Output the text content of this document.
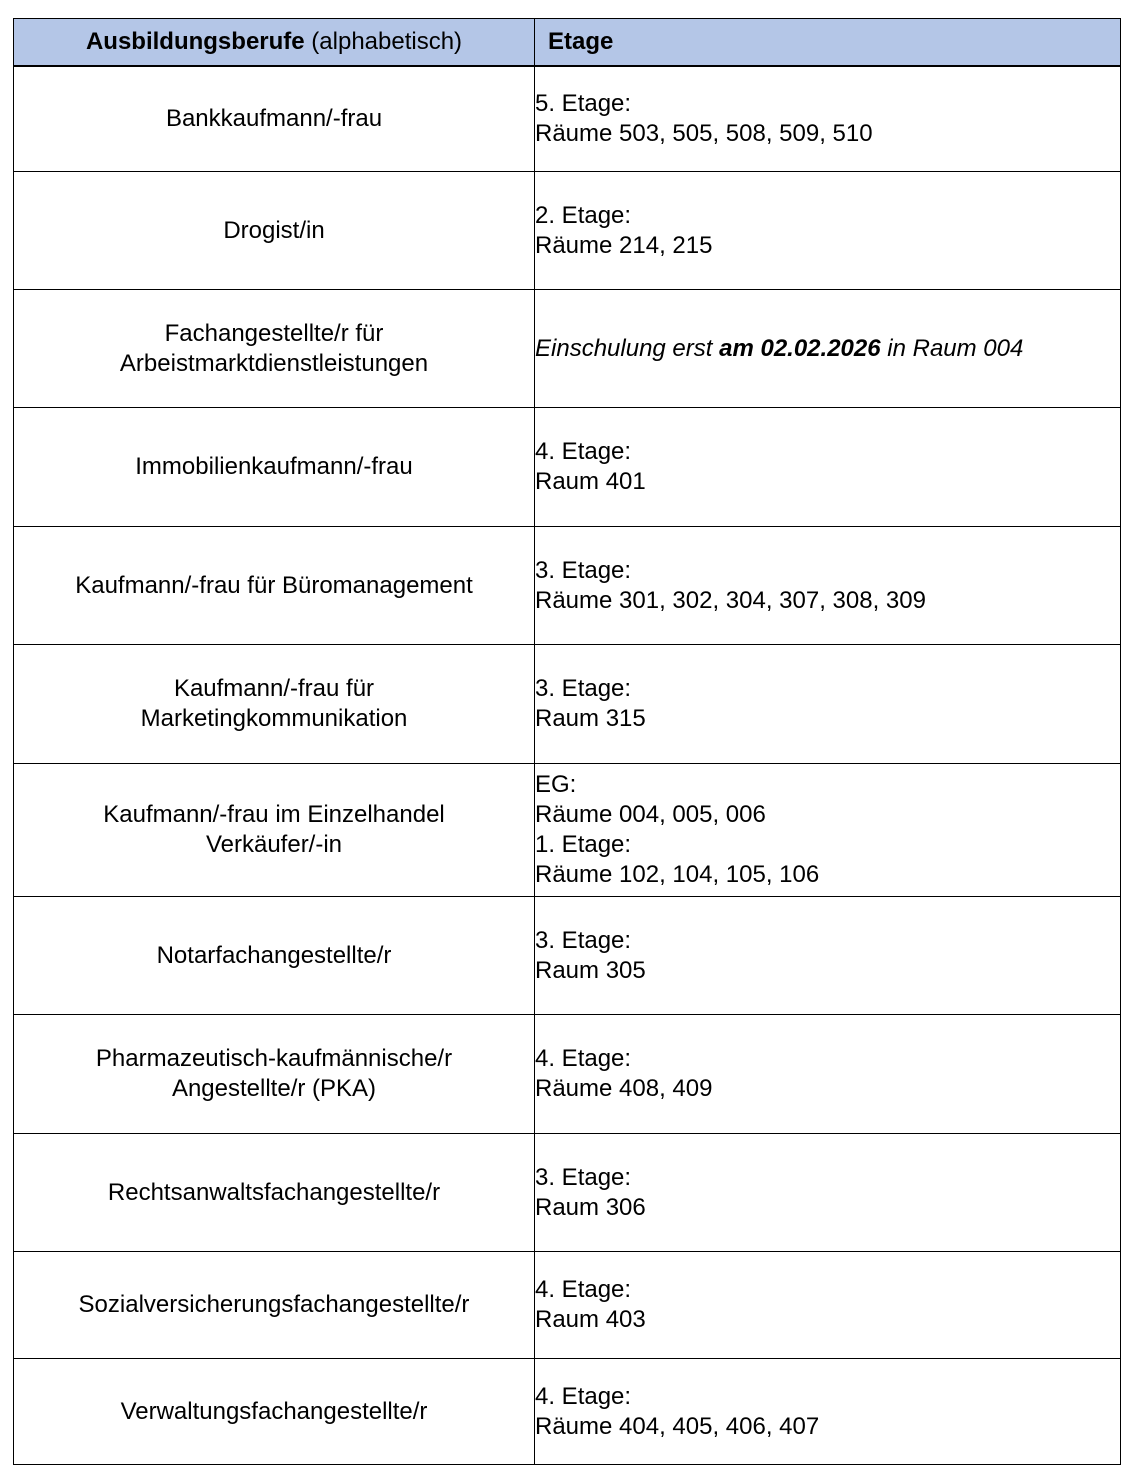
Ausbildungsberufe (alphabetisch)	Etage

Bankkaufmann/-frau	5. Etage:
Räume 503, 505, 508, 509, 510

Drogist/in	2. Etage:
Räume 214, 215

Fachangestellte/r für
Arbeistmarktdienstleistungen	Einschulung erst am 02.02.2026 in Raum 004

Immobilienkaufmann/-frau	4. Etage:
Raum 401

Kaufmann/-frau für Büromanagement	3. Etage:
Räume 301, 302, 304, 307, 308, 309

Kaufmann/-frau für
Marketingkommunikation	3. Etage:
Raum 315

Kaufmann/-frau im Einzelhandel
Verkäufer/-in	EG:
Räume 004, 005, 006
1. Etage:
Räume 102, 104, 105, 106

Notarfachangestellte/r	3. Etage:
Raum 305

Pharmazeutisch-kaufmännische/r
Angestellte/r (PKA)	4. Etage:
Räume 408, 409

Rechtsanwaltsfachangestellte/r	3. Etage:
Raum 306

Sozialversicherungsfachangestellte/r	4. Etage:
Raum 403

Verwaltungsfachangestellte/r	4. Etage:
Räume 404, 405, 406, 407
